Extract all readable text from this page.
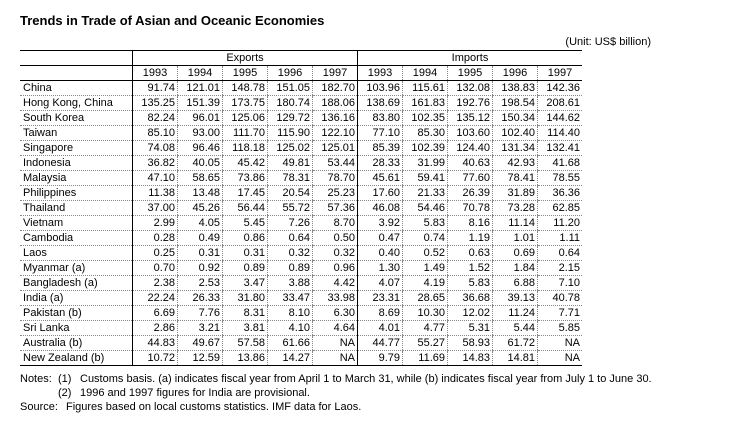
Trends in Trade of Asian and Oceanic Economies
(Unit: US$ billion)
	Exports					Imports				
	1993	1994	1995	1996	1997	1993	1994	1995	1996	1997
China	91.74	121.01	148.78	151.05	182.70	103.96	115.61	132.08	138.83	142.36
Hong Kong, China	135.25	151.39	173.75	180.74	188.06	138.69	161.83	192.76	198.54	208.61
South Korea	82.24	96.01	125.06	129.72	136.16	83.80	102.35	135.12	150.34	144.62
Taiwan	85.10	93.00	111.70	115.90	122.10	77.10	85.30	103.60	102.40	114.40
Singapore	74.08	96.46	118.18	125.02	125.01	85.39	102.39	124.40	131.34	132.41
Indonesia	36.82	40.05	45.42	49.81	53.44	28.33	31.99	40.63	42.93	41.68
Malaysia	47.10	58.65	73.86	78.31	78.70	45.61	59.41	77.60	78.41	78.55
Philippines	11.38	13.48	17.45	20.54	25.23	17.60	21.33	26.39	31.89	36.36
Thailand	37.00	45.26	56.44	55.72	57.36	46.08	54.46	70.78	73.28	62.85
Vietnam	2.99	4.05	5.45	7.26	8.70	3.92	5.83	8.16	11.14	11.20
Cambodia	0.28	0.49	0.86	0.64	0.50	0.47	0.74	1.19	1.01	1.11
Laos	0.25	0.31	0.31	0.32	0.32	0.40	0.52	0.63	0.69	0.64
Myanmar (a)	0.70	0.92	0.89	0.89	0.96	1.30	1.49	1.52	1.84	2.15
Bangladesh (a)	2.38	2.53	3.47	3.88	4.42	4.07	4.19	5.83	6.88	7.10
India (a)	22.24	26.33	31.80	33.47	33.98	23.31	28.65	36.68	39.13	40.78
Pakistan (b)	6.69	7.76	8.31	8.10	6.30	8.69	10.30	12.02	11.24	7.71
Sri Lanka	2.86	3.21	3.81	4.10	4.64	4.01	4.77	5.31	5.44	5.85
Australia (b)	44.83	49.67	57.58	61.66	NA	44.77	55.27	58.93	61.72	NA
New Zealand (b)	10.72	12.59	13.86	14.27	NA	9.79	11.69	14.83	14.81	NA
Notes: (1) Customs basis. (a) indicates fiscal year from April 1 to March 31, while (b) indicates fiscal year from July 1 to June 30.
(2) 1996 and 1997 figures for India are provisional.
Source: Figures based on local customs statistics. IMF data for Laos.
